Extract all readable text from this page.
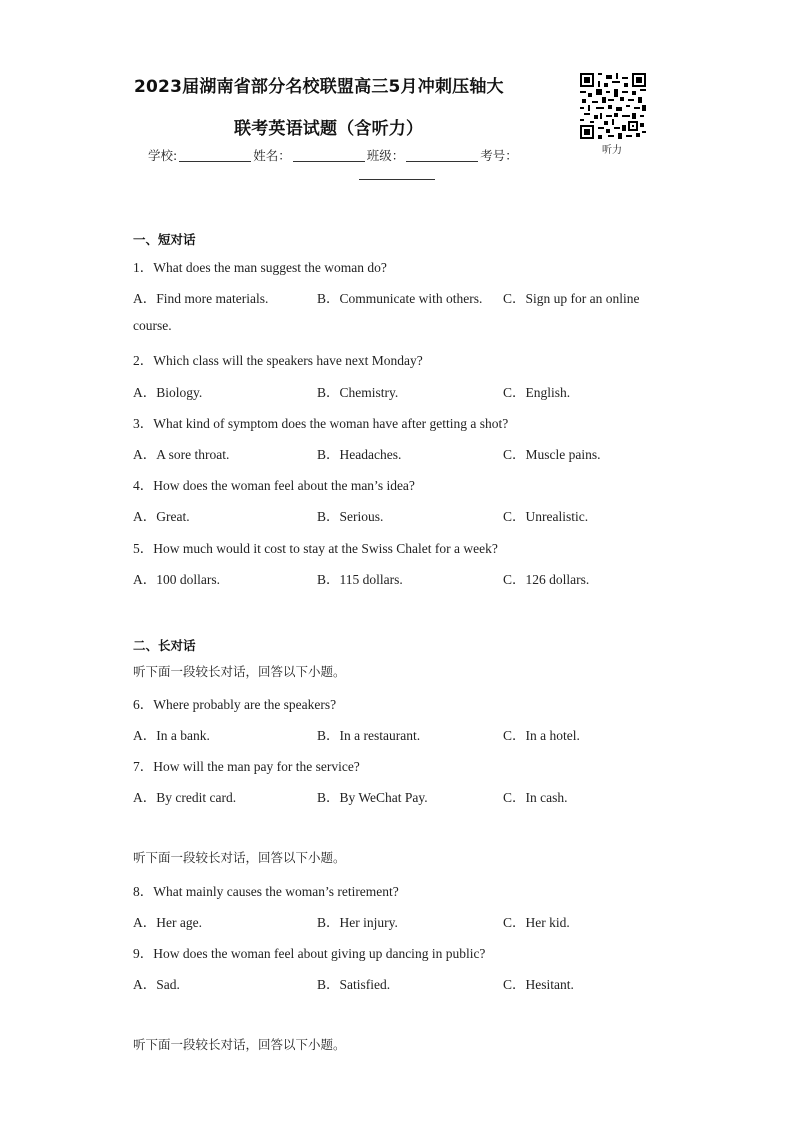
2023届湖南省部分名校联盟高三5月冲刺压轴大
联考英语试题（含听力）
听力
学校:	姓名：	班级：	考号：
一、短对话
1．What does the man suggest the woman do?
A．Find more materials.	B．Communicate with others. C．Sign up for an online
course.
2．Which class will the speakers have next Monday?
A．Biology.	B．Chemistry.	C．English.
3．What kind of symptom does the woman have after getting a shot?
A．A sore throat.	B．Headaches.	C．Muscle pains.
4．How does the woman feel about the man’s idea?
A．Great.	B．Serious.	C．Unrealistic.
5．How much would it cost to stay at the Swiss Chalet for a week?
A．100 dollars.	B．115 dollars.	C．126 dollars.
二、长对话
听下面一段较长对话，回答以下小题。
6．Where probably are the speakers?
A．In a bank.	B．In a restaurant.	C．In a hotel.
7．How will the man pay for the service?
A．By credit card.	B．By WeChat Pay.	C．In cash.
听下面一段较长对话，回答以下小题。
8．What mainly causes the woman’s retirement?
A．Her age.	B．Her injury.	C．Her kid.
9．How does the woman feel about giving up dancing in public?
A．Sad.	B．Satisfied.	C．Hesitant.
听下面一段较长对话，回答以下小题。
